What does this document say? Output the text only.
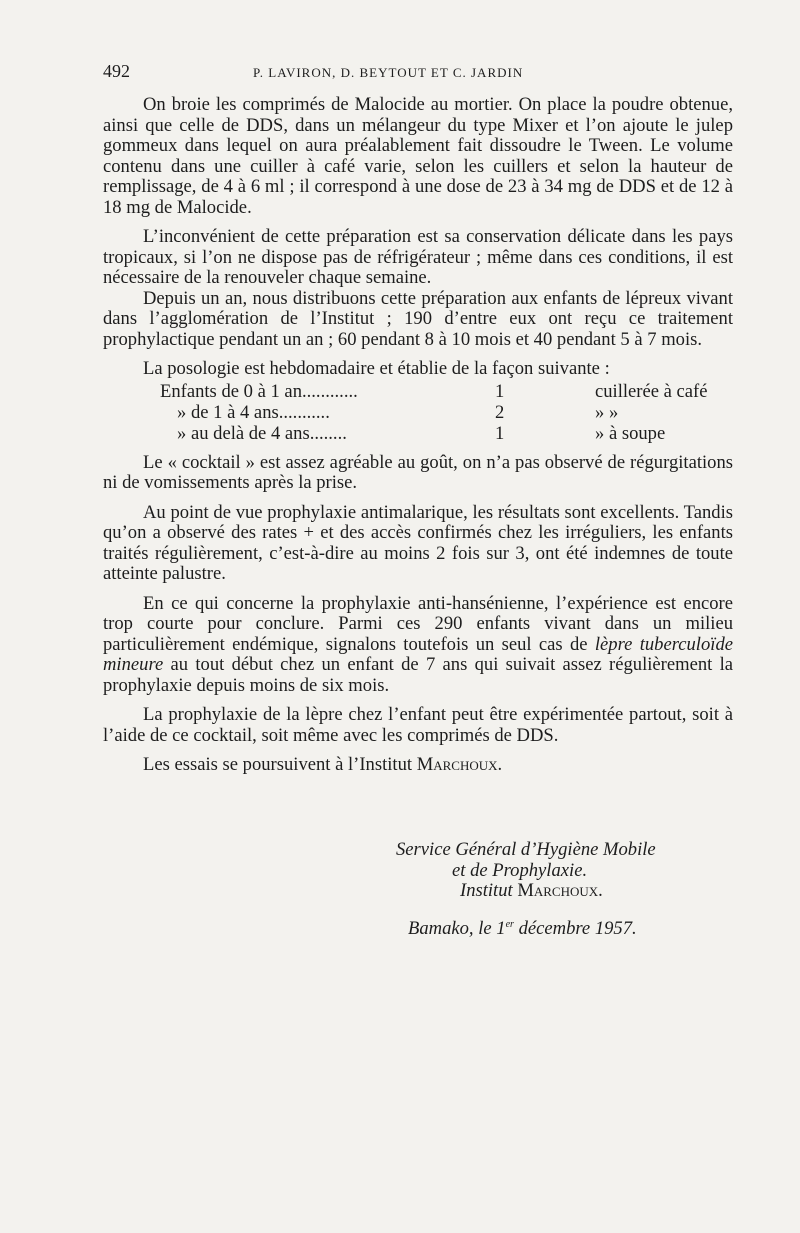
492	P. LAVIRON, D. BEYTOUT ET C. JARDIN

On broie les comprimés de Malocide au mortier. On place la poudre obtenue, ainsi que celle de DDS, dans un mélangeur du type Mixer et l’on ajoute le julep gommeux dans lequel on aura préalablement fait dissoudre le Tween. Le volume contenu dans une cuiller à café varie, selon les cuillers et selon la hauteur de remplissage, de 4 à 6 ml ; il correspond à une dose de 23 à 34 mg de DDS et de 12 à 18 mg de Malocide.

L’inconvénient de cette préparation est sa conservation délicate dans les pays tropicaux, si l’on ne dispose pas de réfrigérateur ; même dans ces conditions, il est nécessaire de la renouveler chaque semaine.

Depuis un an, nous distribuons cette préparation aux enfants de lépreux vivant dans l’agglomération de l’Institut ; 190 d’entre eux ont reçu ce traitement prophylactique pendant un an ; 60 pendant 8 à 10 mois et 40 pendant 5 à 7 mois.

La posologie est hebdomadaire et établie de la façon suivante :

Enfants de 0 à 1 an............	1	cuillerée à café
» de 1 à 4 ans...........	2	» »
» au delà de 4 ans........	1	» à soupe

Le « cocktail » est assez agréable au goût, on n’a pas observé de régurgitations ni de vomissements après la prise.

Au point de vue prophylaxie antimalarique, les résultats sont excellents. Tandis qu’on a observé des rates + et des accès confirmés chez les irréguliers, les enfants traités régulièrement, c’est-à-dire au moins 2 fois sur 3, ont été indemnes de toute atteinte palustre.

En ce qui concerne la prophylaxie anti-hansénienne, l’expérience est encore trop courte pour conclure. Parmi ces 290 enfants vivant dans un milieu particulièrement endémique, signalons toutefois un seul cas de lèpre tuberculoïde mineure au tout début chez un enfant de 7 ans qui suivait assez régulièrement la prophylaxie depuis moins de six mois.

La prophylaxie de la lèpre chez l’enfant peut être expérimentée partout, soit à l’aide de ce cocktail, soit même avec les comprimés de DDS.

Les essais se poursuivent à l’Institut Marchoux.

Service Général d’Hygiène Mobile
et de Prophylaxie.
Institut Marchoux.
Bamako, le 1er décembre 1957.
